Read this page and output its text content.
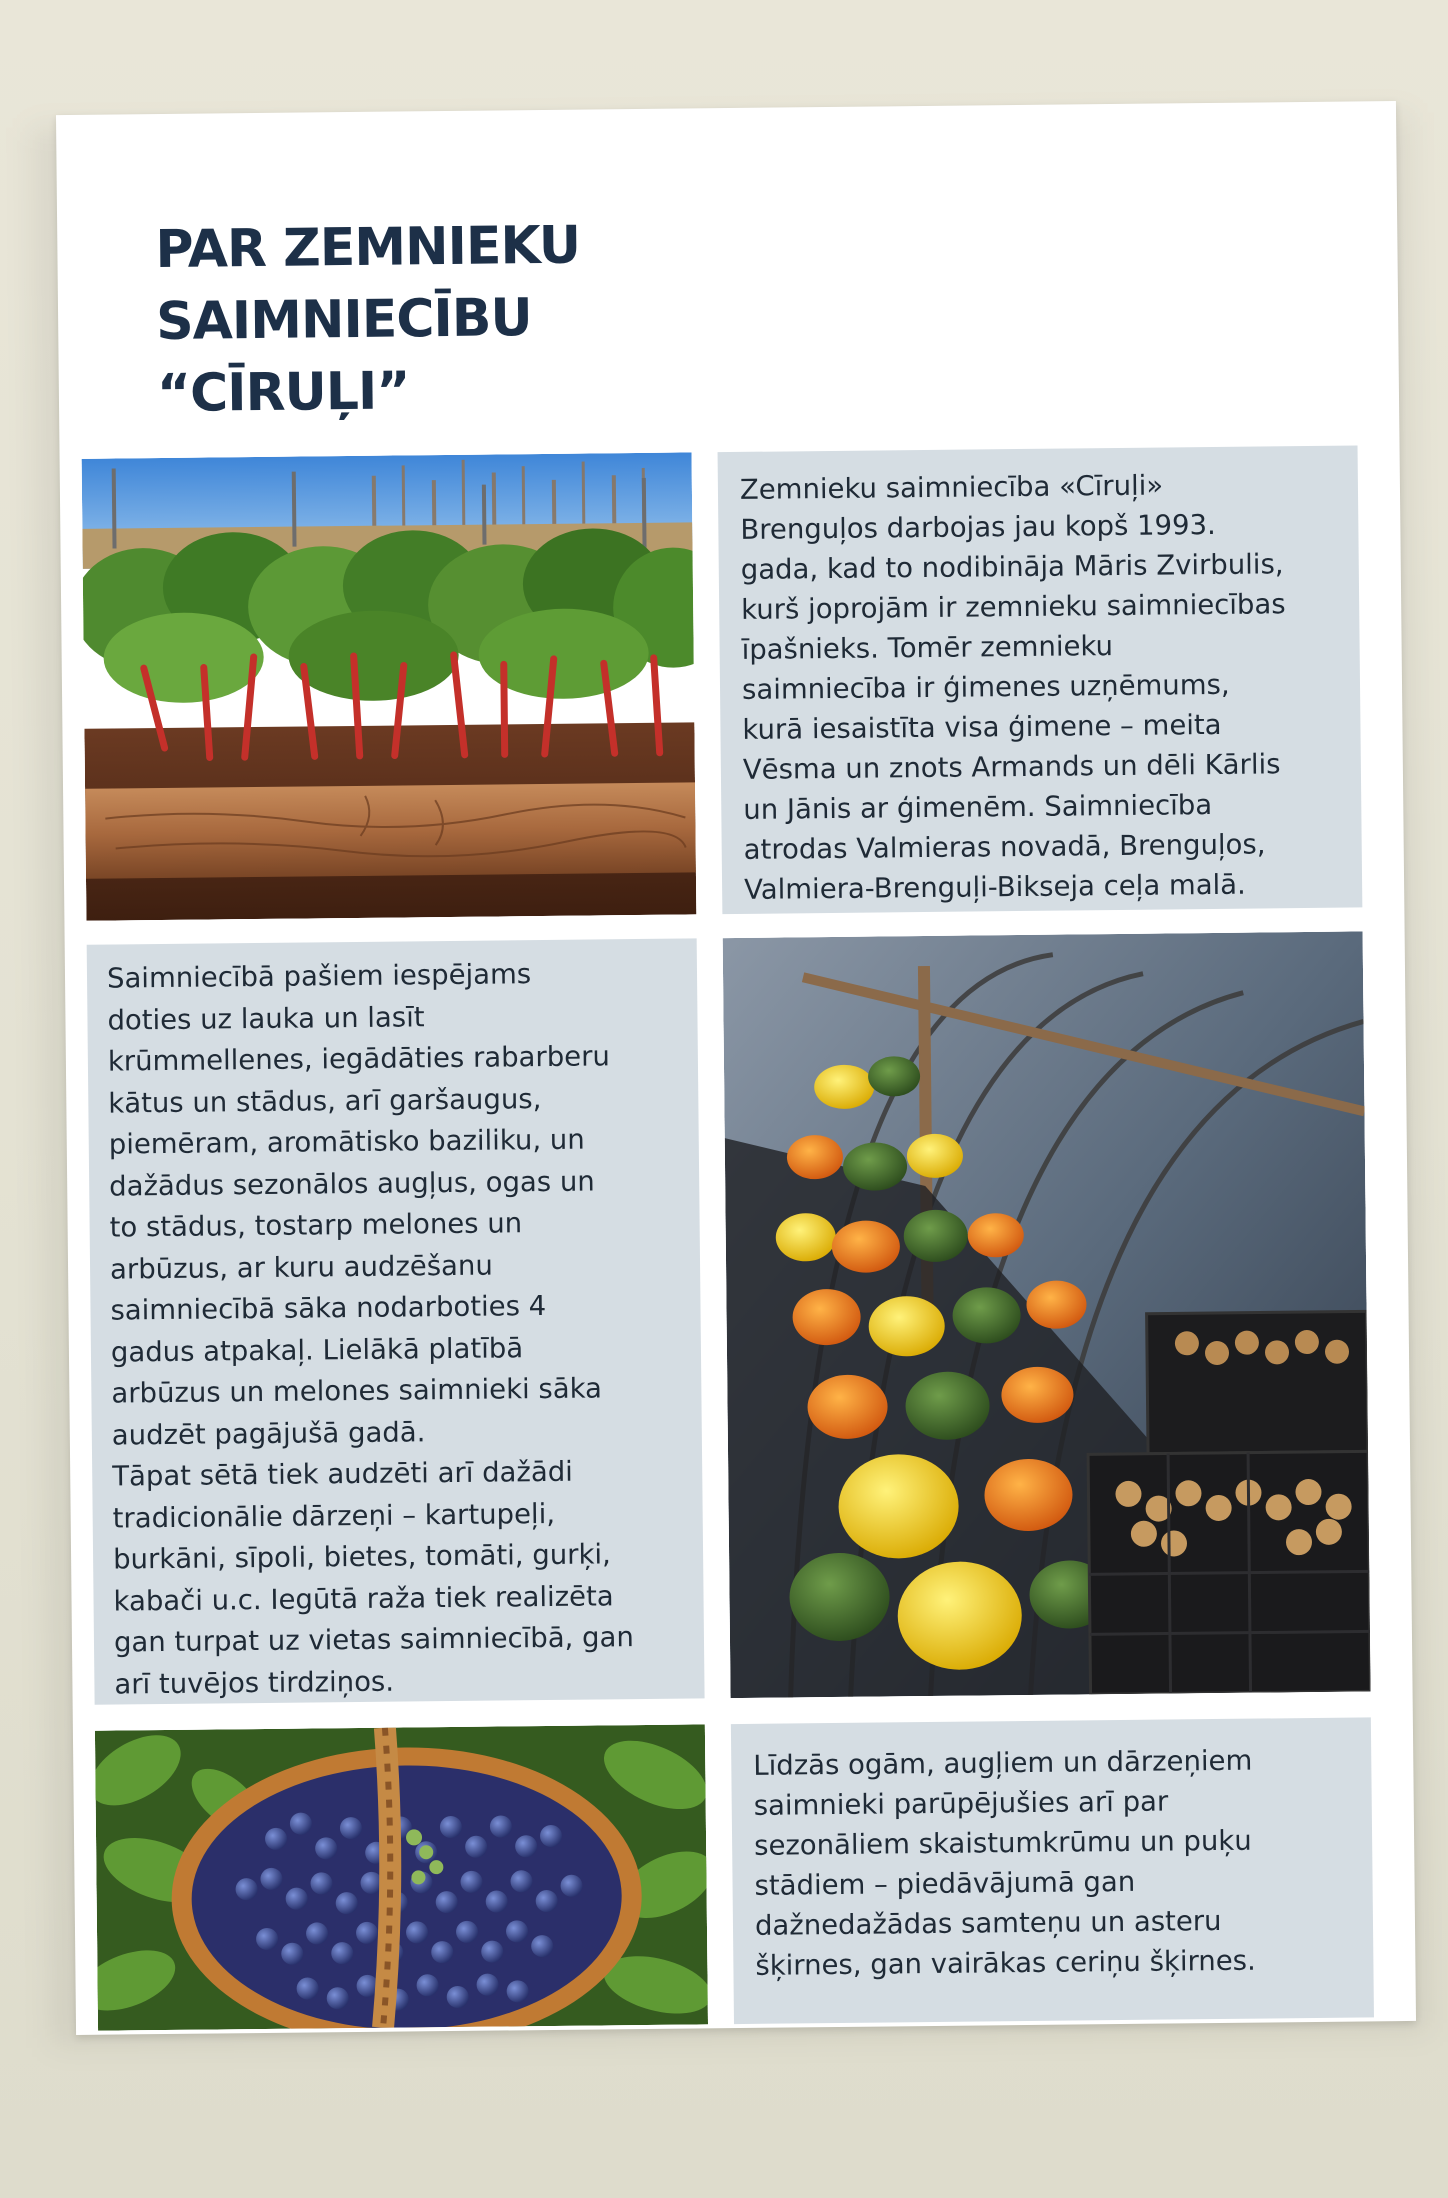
PAR ZEMNIEKU
SAIMNIECĪBU
“CĪRUĻI”

Zemnieku saimniecība «Cīruļi»
Brenguļos darbojas jau kopš 1993.
gada, kad to nodibināja Māris Zvirbulis,
kurš joprojām ir zemnieku saimniecības
īpašnieks. Tomēr zemnieku
saimniecība ir ģimenes uzņēmums,
kurā iesaistīta visa ģimene – meita
Vēsma un znots Armands un dēli Kārlis
un Jānis ar ģimenēm. Saimniecība
atrodas Valmieras novadā, Brenguļos,
Valmiera-Brenguļi-Bikseja ceļa malā.

Saimniecībā pašiem iespējams
doties uz lauka un lasīt
krūmmellenes, iegādāties rabarberu
kātus un stādus, arī garšaugus,
piemēram, aromātisko baziliku, un
dažādus sezonālos augļus, ogas un
to stādus, tostarp melones un
arbūzus, ar kuru audzēšanu
saimniecībā sāka nodarboties 4
gadus atpakaļ. Lielākā platībā
arbūzus un melones saimnieki sāka
audzēt pagājušā gadā.
Tāpat sētā tiek audzēti arī dažādi
tradicionālie dārzeņi – kartupeļi,
burkāni, sīpoli, bietes, tomāti, gurķi,
kabači u.c. Iegūtā raža tiek realizēta
gan turpat uz vietas saimniecībā, gan
arī tuvējos tirdziņos.

Līdzās ogām, augļiem un dārzeņiem
saimnieki parūpējušies arī par
sezonāliem skaistumkrūmu un puķu
stādiem – piedāvājumā gan
dažnedažādas samteņu un asteru
šķirnes, gan vairākas ceriņu šķirnes.
